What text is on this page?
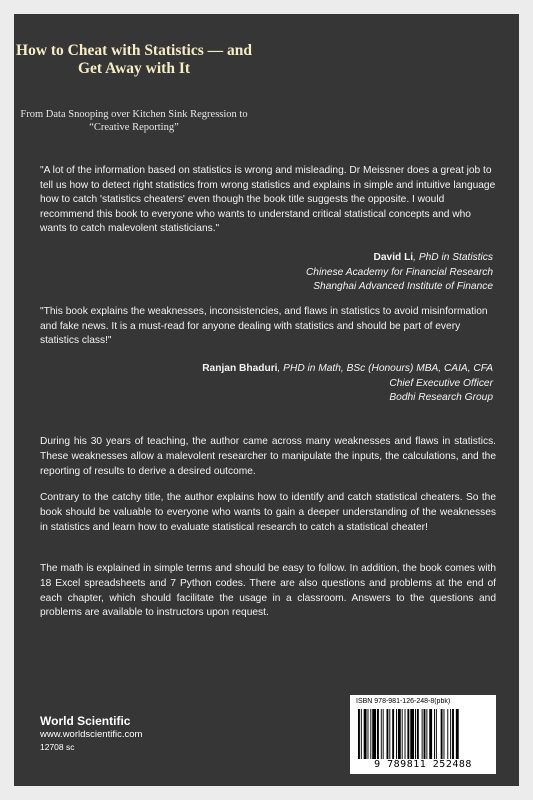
How to Cheat with Statistics — and Get Away with It
From Data Snooping over Kitchen Sink Regression to “Creative Reporting”
"A lot of the information based on statistics is wrong and misleading. Dr Meissner does a great job to tell us how to detect right statistics from wrong statistics and explains in simple and intuitive language how to catch 'statistics cheaters' even though the book title suggests the opposite. I would recommend this book to everyone who wants to understand critical statistical concepts and who wants to catch malevolent statisticians."
David Li, PhD in Statistics
Chinese Academy for Financial Research
Shanghai Advanced Institute of Finance
"This book explains the weaknesses, inconsistencies, and flaws in statistics to avoid misinformation and fake news. It is a must-read for anyone dealing with statistics and should be part of every statistics class!"
Ranjan Bhaduri, PHD in Math, BSc (Honours) MBA, CAIA, CFA
Chief Executive Officer
Bodhi Research Group
During his 30 years of teaching, the author came across many weaknesses and flaws in statistics. These weaknesses allow a malevolent researcher to manipulate the inputs, the calculations, and the reporting of results to derive a desired outcome.
Contrary to the catchy title, the author explains how to identify and catch statistical cheaters. So the book should be valuable to everyone who wants to gain a deeper understanding of the weaknesses in statistics and learn how to evaluate statistical research to catch a statistical cheater!
The math is explained in simple terms and should be easy to follow. In addition, the book comes with 18 Excel spreadsheets and 7 Python codes. There are also questions and problems at the end of each chapter, which should facilitate the usage in a classroom. Answers to the questions and problems are available to instructors upon request.
World Scientific
www.worldscientific.com
12708 sc
ISBN 978-981-126-248-8(pbk)
9 789811 252488
